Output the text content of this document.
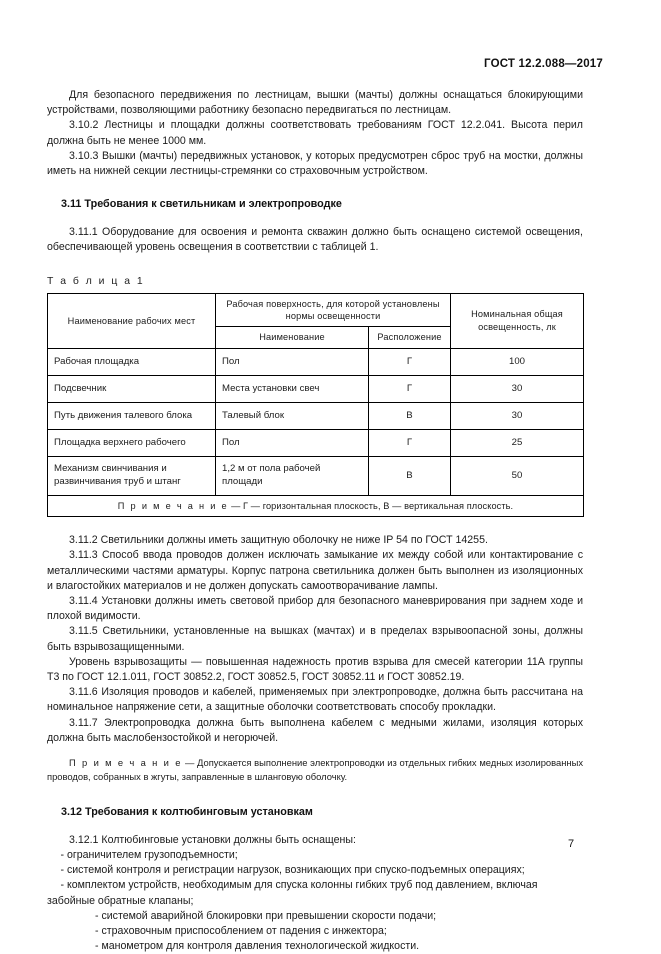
ГОСТ 12.2.088—2017

Для безопасного передвижения по лестницам, вышки (мачты) должны оснащаться блокирующими устройствами, позволяющими работнику безопасно передвигаться по лестницам.

3.10.2 Лестницы и площадки должны соответствовать требованиям ГОСТ 12.2.041. Высота перил должна быть не менее 1000 мм.

3.10.3 Вышки (мачты) передвижных установок, у которых предусмотрен сброс труб на мостки, должны иметь на нижней секции лестницы-стремянки со страховочным устройством.

3.11 Требования к светильникам и электропроводке

3.11.1 Оборудование для освоения и ремонта скважин должно быть оснащено системой освещения, обеспечивающей уровень освещения в соответствии с таблицей 1.

Т а б л и ц а 1
Наименование рабочих мест	Рабочая поверхность, для которой установлены нормы освещенности		Номинальная общая освещенность, лк
	Наименование	Расположение	
Рабочая площадка	Пол	Г	100
Подсвечник	Места установки свеч	Г	30
Путь движения талевого блока	Талевый блок	В	30
Площадка верхнего рабочего	Пол	Г	25
Механизм свинчивания и развинчивания труб и штанг	1,2 м от пола рабочей площади	В	50
П р и м е ч а н и е — Г — горизонтальная плоскость, В — вертикальная плоскость.			

3.11.2 Светильники должны иметь защитную оболочку не ниже IP 54 по ГОСТ 14255.

3.11.3 Способ ввода проводов должен исключать замыкание их между собой или контактирование с металлическими частями арматуры. Корпус патрона светильника должен быть выполнен из изоляционных и влагостойких материалов и не должен допускать самоотворачивание лампы.

3.11.4 Установки должны иметь световой прибор для безопасного маневрирования при заднем ходе и плохой видимости.

3.11.5 Светильники, установленные на вышках (мачтах) и в пределах взрывоопасной зоны, должны быть взрывозащищенными.

Уровень взрывозащиты — повышенная надежность против взрыва для смесей категории 11А группы Т3 по ГОСТ 12.1.011, ГОСТ 30852.2, ГОСТ 30852.5, ГОСТ 30852.11 и ГОСТ 30852.19.

3.11.6 Изоляция проводов и кабелей, применяемых при электропроводке, должна быть рассчитана на номинальное напряжение сети, а защитные оболочки соответствовать способу прокладки.

3.11.7 Электропроводка должна быть выполнена кабелем с медными жилами, изоляция которых должна быть маслобензостойкой и негорючей.

П р и м е ч а н и е — Допускается выполнение электропроводки из отдельных гибких медных изолированных проводов, собранных в жгуты, заправленные в шланговую оболочку.

3.12 Требования к колтюбинговым установкам

3.12.1 Колтюбинговые установки должны быть оснащены:

- ограничителем грузоподъемности;
- системой контроля и регистрации нагрузок, возникающих при спуско-подъемных операциях;
- комплектом устройств, необходимым для спуска колонны гибких труб под давлением, включая
забойные обратные клапаны;
- системой аварийной блокировки при превышении скорости подачи;
- страховочным приспособлением от падения с инжектора;
- манометром для контроля давления технологической жидкости.
7
